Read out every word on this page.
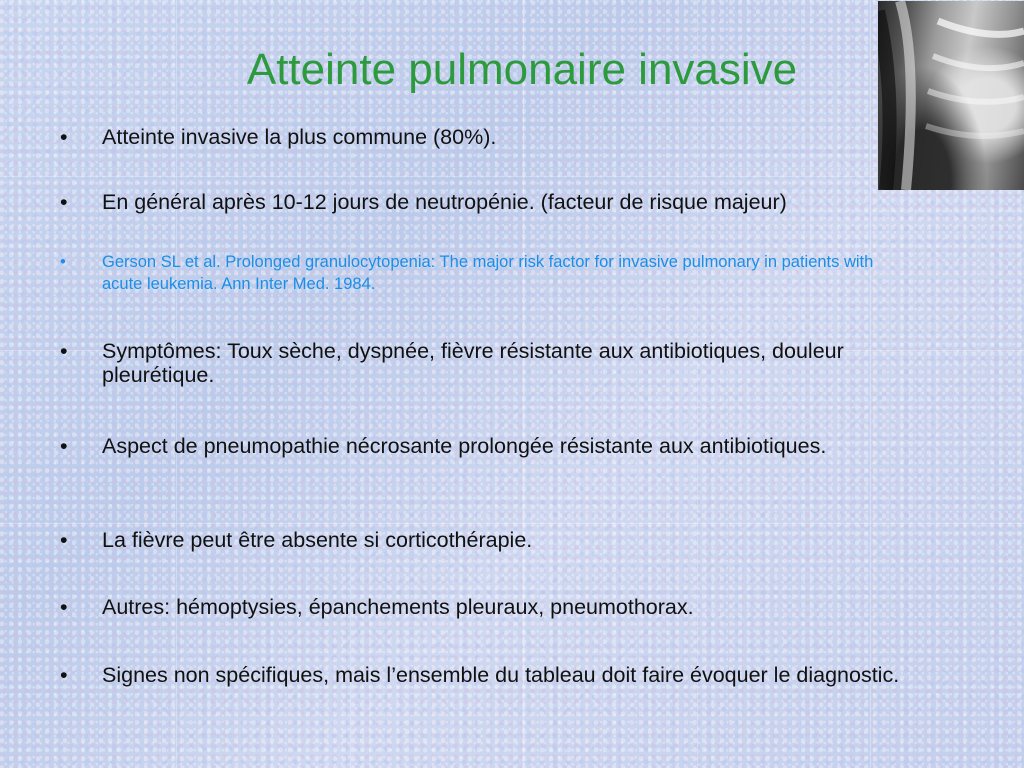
Atteinte pulmonaire invasive
•	Atteinte invasive la plus commune (80%).
•	En général après 10-12 jours de neutropénie. (facteur de risque majeur)
•	Gerson SL et al. Prolonged granulocytopenia: The major risk factor for invasive pulmonary in patients with acute leukemia. Ann Inter Med. 1984.
•	Symptômes: Toux sèche, dyspnée, fièvre résistante aux antibiotiques, douleur pleurétique.
•	Aspect de pneumopathie nécrosante prolongée résistante aux antibiotiques.
•	La fièvre peut être absente si corticothérapie.
•	Autres: hémoptysies, épanchements pleuraux, pneumothorax.
•	Signes non spécifiques, mais l’ensemble du tableau doit faire évoquer le diagnostic.
